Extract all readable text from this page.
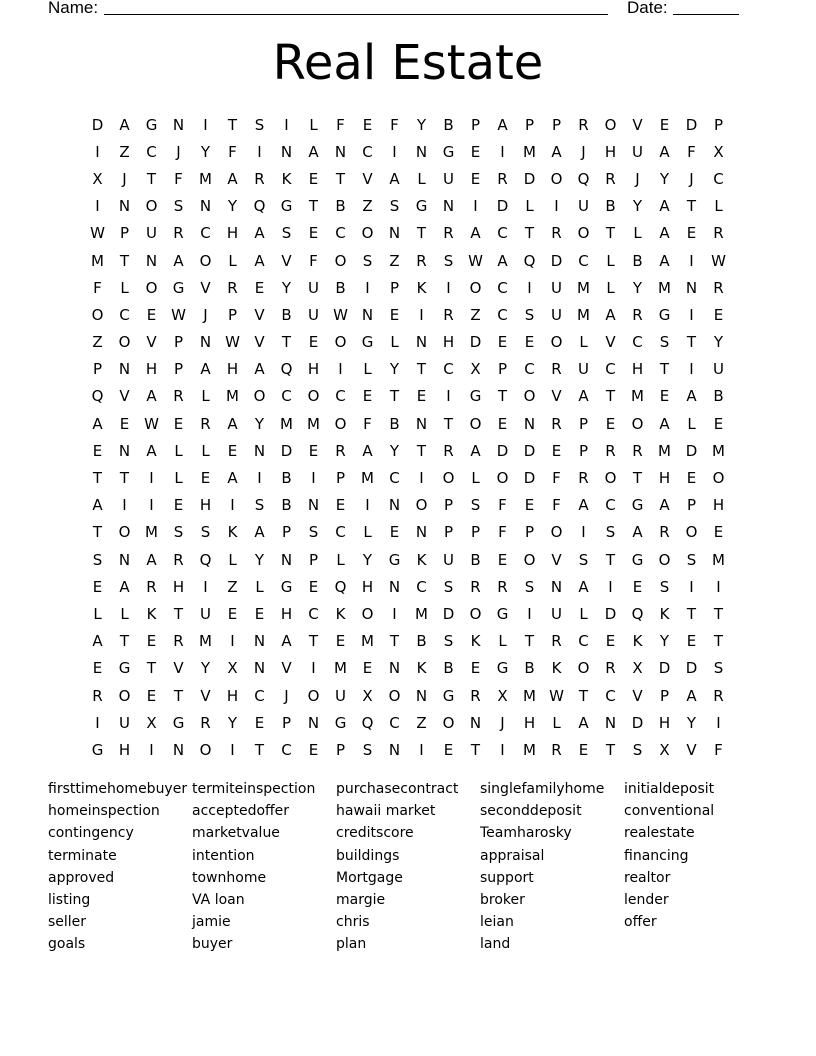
Name:	Date:
Real Estate
D	A	G	N	I	T	S	I	L	F	E	F	Y	B	P	A	P	P	R	O	V	E	D	P
I	Z	C	J	Y	F	I	N	A	N	C	I	N	G	E	I	M	A	J	H	U	A	F	X
X	J	T	F	M	A	R	K	E	T	V	A	L	U	E	R	D	O	Q	R	J	Y	J	C
I	N	O	S	N	Y	Q	G	T	B	Z	S	G	N	I	D	L	I	U	B	Y	A	T	L
W	P	U	R	C	H	A	S	E	C	O	N	T	R	A	C	T	R	O	T	L	A	E	R
M	T	N	A	O	L	A	V	F	O	S	Z	R	S W A	Q	D	C	L	B	A	I	W
F	L	O	G	V	R	E	Y	U	B	I	P	K	I	O	C	I	U	M	L	Y	M N	R
O	C	E W	J	P	V	B	U W N	E	I	R	Z	C	S	U	M	A	R	G	I	E
Z	O	V	P	N W V	T	E	O	G	L	N	H	D	E	E	O	L	V	C	S	T	Y
P	N	H	P	A	H	A	Q	H	I	L	Y	T	C	X	P	C	R	U	C	H	T	I	U
Q	V	A	R	L	M O	C	O	C	E	T	E	I	G	T	O	V	A	T	M	E	A	B
A	E W E	R	A	Y	M M O	F	B	N	T	O	E	N	R	P	E	O	A	L	E
E	N	A	L	L	E	N	D	E	R	A	Y	T	R	A	D	D	E	P	R	R	M D M
T	T	I	L	E	A	I	B	I	P	M	C	I	O	L	O	D	F	R	O	T	H	E	O
A	I	I	E	H	I	S	B	N	E	I	N	O	P	S	F	E	F	A	C	G	A	P	H
T	O M	S	S	K	A	P	S	C	L	E	N	P	P	F	P	O	I	S	A	R	O	E
S	N	A	R	Q	L	Y	N	P	L	Y	G	K	U	B	E	O	V	S	T	G	O	S	M
E	A	R	H	I	Z	L	G	E	Q	H	N	C	S	R	R	S	N	A	I	E	S	I	I
L	L	K	T	U	E	E	H	C	K	O	I	M D	O	G	I	U	L	D	Q	K	T	T
A	T	E	R	M	I	N	A	T	E	M	T	B	S	K	L	T	R	C	E	K	Y	E	T
E	G	T	V	Y	X	N	V	I	M	E	N	K	B	E	G	B	K	O	R	X	D	D	S
R	O	E	T	V	H	C	J	O	U	X	O	N	G	R	X	M W T	C	V	P	A	R
I	U	X	G	R	Y	E	P	N	G	Q	C	Z	O	N	J	H	L	A	N	D	H	Y	I
G	H	I	N	O	I	T	C	E	P	S	N	I	E	T	I	M	R	E	T	S	X	V	F
firsttimehomebuyer termiteinspection	purchasecontract	singlefamilyhome	initialdeposit
homeinspection	acceptedoffer	hawaii market	seconddeposit	conventional
contingency	marketvalue	creditscore	Teamharosky	realestate
terminate	intention	buildings	appraisal	financing
approved	townhome	Mortgage	support	realtor
listing	VA loan	margie	broker	lender
seller	jamie	chris	leian	offer
goals	buyer	plan	land
